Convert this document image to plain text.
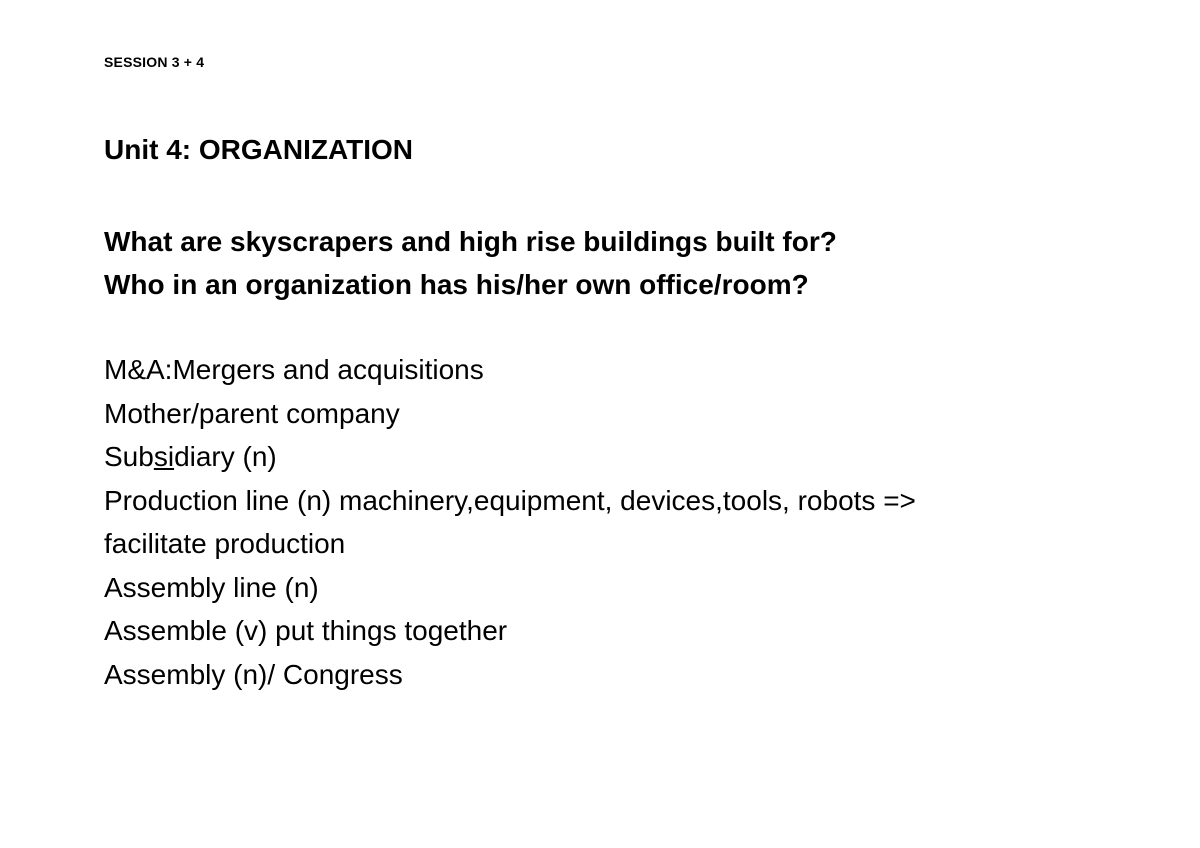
SESSION 3 + 4
Unit 4: ORGANIZATION
What are skyscrapers and high rise buildings built for?
Who in an organization has his/her own office/room?
M&A:Mergers and acquisitions
Mother/parent company
Subsidiary (n)
Production line (n) machinery,equipment, devices,tools, robots =>
facilitate production
Assembly line (n)
Assemble (v) put things together
Assembly (n)/ Congress
